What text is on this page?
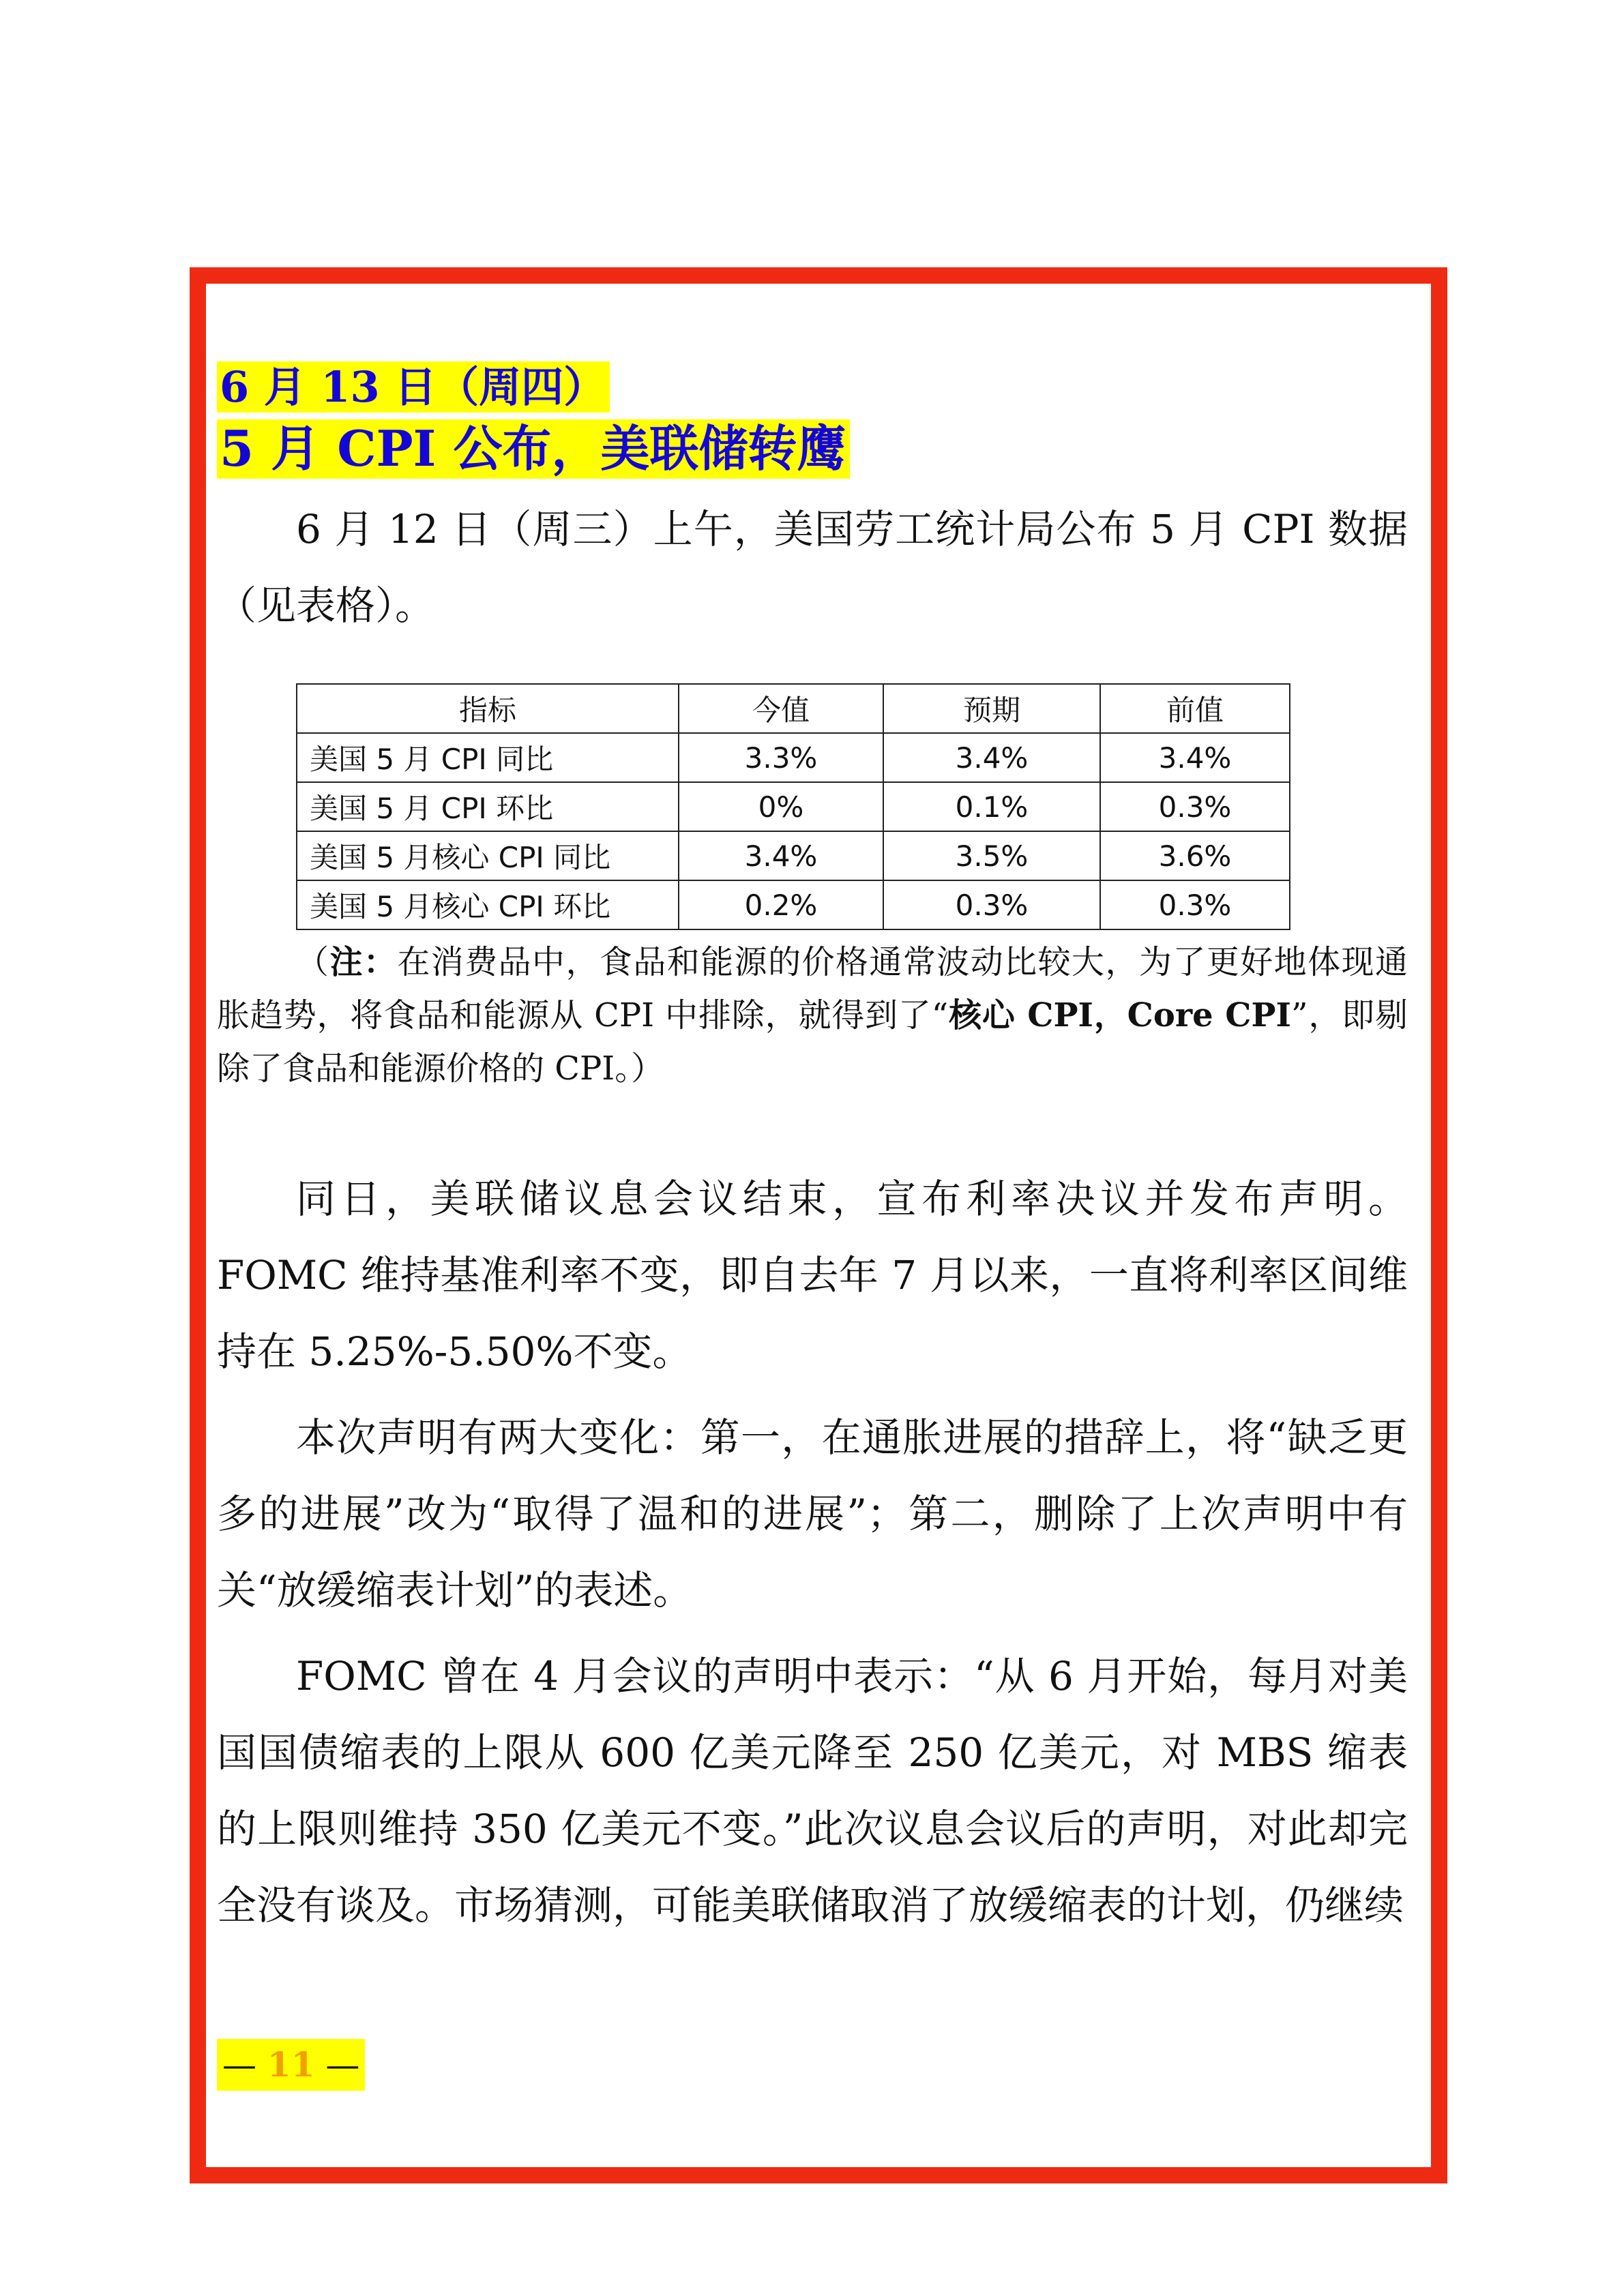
6 月 13 日（周四）
5 月 CPI 公布，美联储转鹰

6 月 12 日（周三）上午，美国劳工统计局公布 5 月 CPI 数据（见表格）。

指标	今值	预期	前值
美国 5 月 CPI 同比	3.3%	3.4%	3.4%
美国 5 月 CPI 环比	0%	0.1%	0.3%
美国 5 月核心 CPI 同比	3.4%	3.5%	3.6%
美国 5 月核心 CPI 环比	0.2%	0.3%	0.3%

（注：在消费品中，食品和能源的价格通常波动比较大，为了更好地体现通胀趋势，将食品和能源从 CPI 中排除，就得到了“核心 CPI，Core CPI”，即剔除了食品和能源价格的 CPI。）

同日，美联储议息会议结束，宣布利率决议并发布声明。FOMC 维持基准利率不变，即自去年 7 月以来，一直将利率区间维持在 5.25%-5.50%不变。

本次声明有两大变化：第一，在通胀进展的措辞上，将“缺乏更多的进展”改为“取得了温和的进展”；第二，删除了上次声明中有关“放缓缩表计划”的表述。

FOMC 曾在 4 月会议的声明中表示：“从 6 月开始，每月对美国国债缩表的上限从 600 亿美元降至 250 亿美元，对 MBS 缩表的上限则维持 350 亿美元不变。”此次议息会议后的声明，对此却完全没有谈及。市场猜测，可能美联储取消了放缓缩表的计划，仍继续

— 11 —
